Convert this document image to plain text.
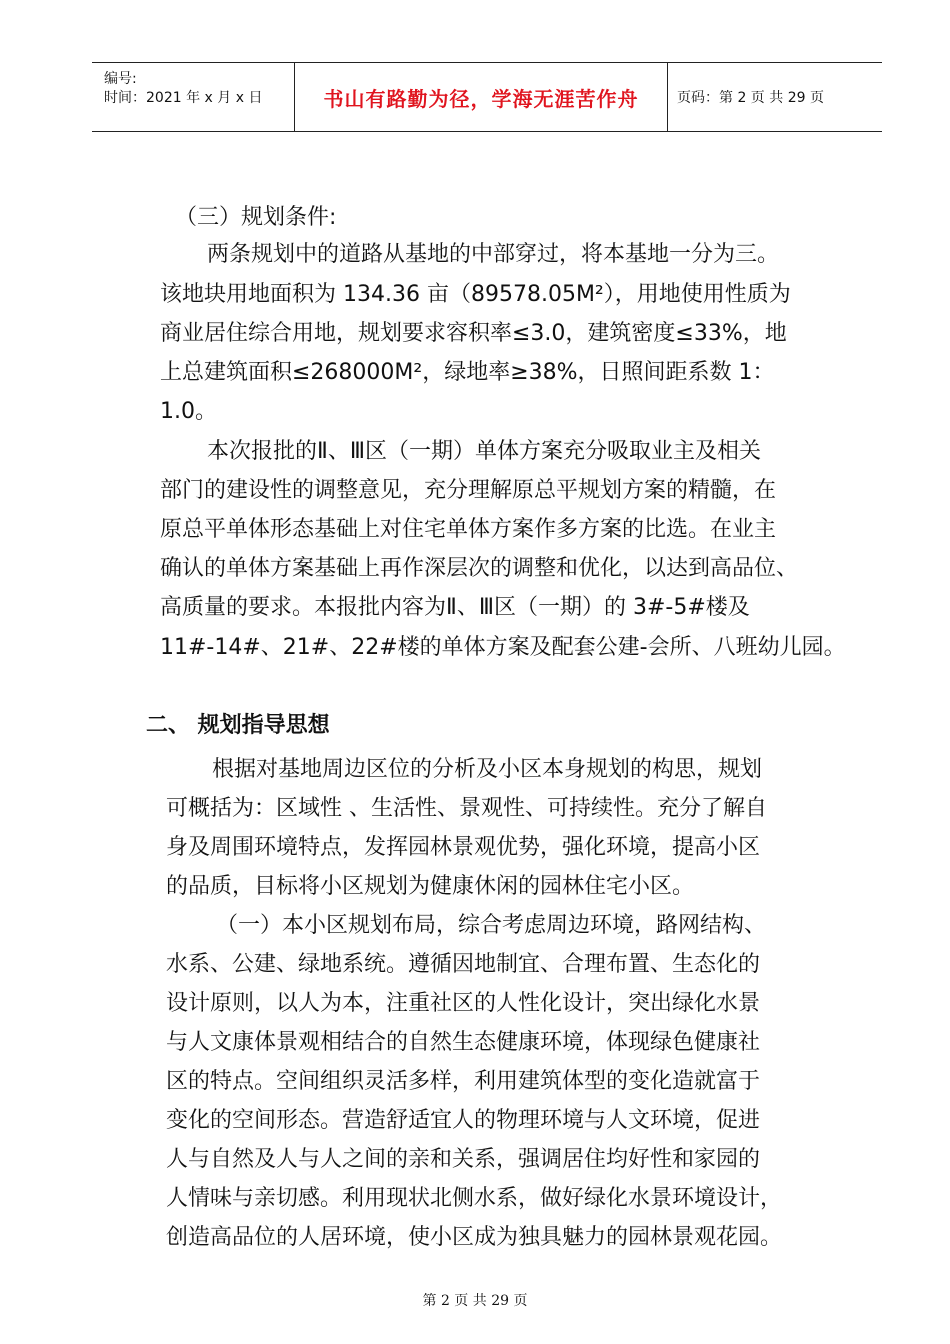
编号:
时间：2021 年 x 月 x 日	书山有路勤为径，学海无涯苦作舟	页码：第 2 页 共 29 页
（三）规划条件:
两条规划中的道路从基地的中部穿过，将本基地一分为三。
该地块用地面积为 134.36 亩（89578.05M²），用地使用性质为
商业居住综合用地，规划要求容积率≤3.0，建筑密度≤33%，地
上总建筑面积≤268000M²，绿地率≥38%，日照间距系数 1：
1.0。
本次报批的Ⅱ、Ⅲ区（一期）单体方案充分吸取业主及相关
部门的建设性的调整意见，充分理解原总平规划方案的精髓，在
原总平单体形态基础上对住宅单体方案作多方案的比选。在业主
确认的单体方案基础上再作深层次的调整和优化，以达到高品位、
高质量的要求。本报批内容为Ⅱ、Ⅲ区（一期）的 3#-5#楼及
11#-14#、21#、22#楼的单体方案及配套公建-会所、八班幼儿园。
二、 规划指导思想
根据对基地周边区位的分析及小区本身规划的构思，规划
可概括为：区域性 、生活性、景观性、可持续性。充分了解自
身及周围环境特点，发挥园林景观优势，强化环境，提高小区
的品质，目标将小区规划为健康休闲的园林住宅小区。
（一）本小区规划布局，综合考虑周边环境，路网结构、
水系、公建、绿地系统。遵循因地制宜、合理布置、生态化的
设计原则，以人为本，注重社区的人性化设计，突出绿化水景
与人文康体景观相结合的自然生态健康环境，体现绿色健康社
区的特点。空间组织灵活多样，利用建筑体型的变化造就富于
变化的空间形态。营造舒适宜人的物理环境与人文环境，促进
人与自然及人与人之间的亲和关系，强调居住均好性和家园的
人情味与亲切感。利用现状北侧水系，做好绿化水景环境设计，
创造高品位的人居环境，使小区成为独具魅力的园林景观花园。
第 2 页 共 29 页
